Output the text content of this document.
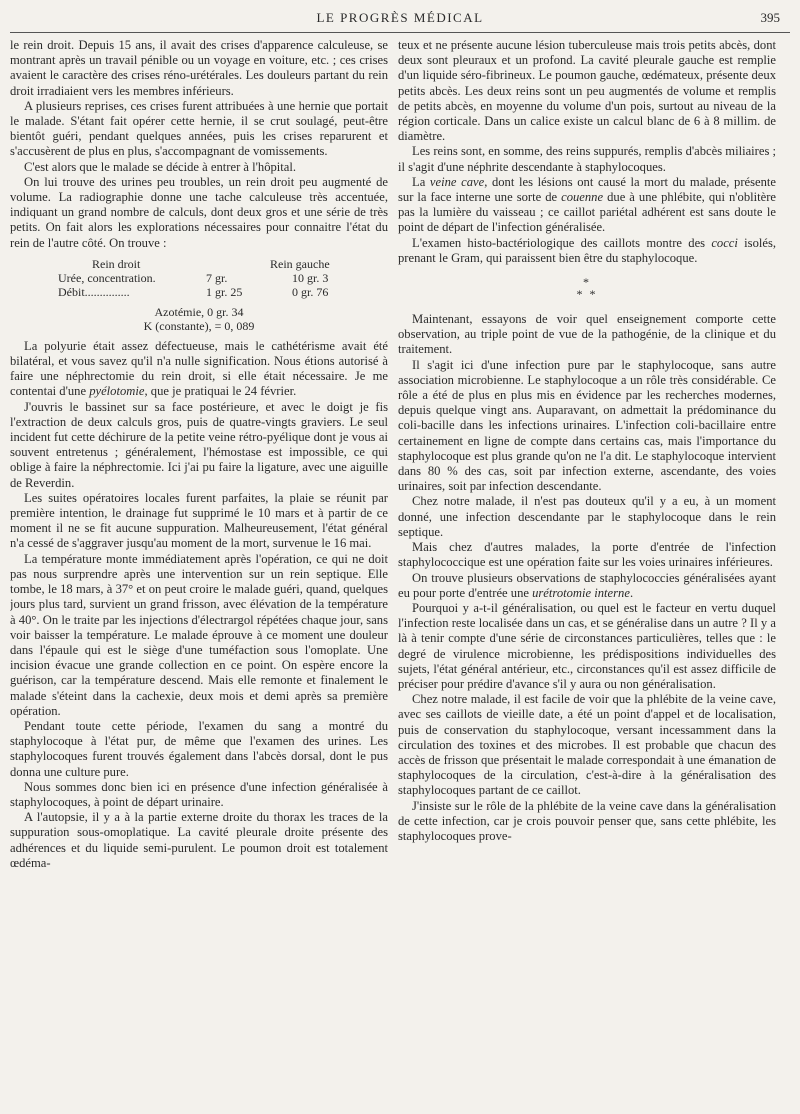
LE PROGRÈS MÉDICAL	395

le rein droit. Depuis 15 ans, il avait des crises d'apparence calculeuse, se montrant après un travail pénible ou un voyage en voiture, etc. ; ces crises avaient le caractère des crises réno-urétérales. Les douleurs partant du rein droit irradiaient vers les membres inférieurs.

A plusieurs reprises, ces crises furent attribuées à une hernie que portait le malade. S'étant fait opérer cette hernie, il se crut soulagé, peut-être bientôt guéri, pendant quelques années, puis les crises reparurent et s'accusèrent de plus en plus, s'accompagnant de vomissements.

C'est alors que le malade se décide à entrer à l'hôpital.

On lui trouve des urines peu troubles, un rein droit peu augmenté de volume. La radiographie donne une tache calculeuse très accentuée, indiquant un grand nombre de calculs, dont deux gros et une série de très petits. On fait alors les explorations nécessaires pour connaitre l'état du rein de l'autre côté. On trouve :

Rein droit	Rein gauche
Urée, concentration.	7 gr.	10 gr. 3
Débit...............	1 gr. 25	0 gr. 76
Azotémie, 0 gr. 34
K (constante), = 0, 089

La polyurie était assez défectueuse, mais le cathétérisme avait été bilatéral, et vous savez qu'il n'a nulle signification. Nous étions autorisé à faire une néphrectomie du rein droit, si elle était nécessaire. Je me contentai d'une pyélotomie, que je pratiquai le 24 février.

J'ouvris le bassinet sur sa face postérieure, et avec le doigt je fis l'extraction de deux calculs gros, puis de quatre-vingts graviers. Le seul incident fut cette déchirure de la petite veine rétro-pyélique dont je vous ai souvent entretenus ; généralement, l'hémostase est impossible, ce qui oblige à faire la néphrectomie. Ici j'ai pu faire la ligature, avec une aiguille de Reverdin.

Les suites opératoires locales furent parfaites, la plaie se réunit par première intention, le drainage fut supprimé le 10 mars et à partir de ce moment il ne se fit aucune suppuration. Malheureusement, l'état général n'a cessé de s'aggraver jusqu'au moment de la mort, survenue le 16 mai.

La température monte immédiatement après l'opération, ce qui ne doit pas nous surprendre après une intervention sur un rein septique. Elle tombe, le 18 mars, à 37° et on peut croire le malade guéri, quand, quelques jours plus tard, survient un grand frisson, avec élévation de la température à 40°. On le traite par les injections d'électrargol répétées chaque jour, sans voir baisser la température. Le malade éprouve à ce moment une douleur dans l'épaule qui est le siège d'une tuméfaction sous l'omoplate. Une incision évacue une grande collection en ce point. On espère encore la guérison, car la température descend. Mais elle remonte et finalement le malade s'éteint dans la cachexie, deux mois et demi après sa première opération.

Pendant toute cette période, l'examen du sang a montré du staphylocoque à l'état pur, de même que l'examen des urines. Les staphylocoques furent trouvés également dans l'abcès dorsal, dont le pus donna une culture pure.

Nous sommes donc bien ici en présence d'une infection généralisée à staphylocoques, à point de départ urinaire.

A l'autopsie, il y a à la partie externe droite du thorax les traces de la suppuration sous-omoplatique. La cavité pleurale droite présente des adhérences et du liquide semi-purulent. Le poumon droit est totalement œdéma-

teux et ne présente aucune lésion tuberculeuse mais trois petits abcès, dont deux sont pleuraux et un profond. La cavité pleurale gauche est remplie d'un liquide séro-fibrineux. Le poumon gauche, œdémateux, présente deux petits abcès. Les deux reins sont un peu augmentés de volume et remplis de petits abcès, en moyenne du volume d'un pois, surtout au niveau de la région corticale. Dans un calice existe un calcul blanc de 6 à 8 millim. de diamètre.

Les reins sont, en somme, des reins suppurés, remplis d'abcès miliaires ; il s'agit d'une néphrite descendante à staphylocoques.

La veine cave, dont les lésions ont causé la mort du malade, présente sur la face interne une sorte de couenne due à une phlébite, qui n'oblitère pas la lumière du vaisseau ; ce caillot pariétal adhérent est sans doute le point de départ de l'infection généralisée.

L'examen histo-bactériologique des caillots montre des cocci isolés, prenant le Gram, qui paraissent bien être du staphylocoque.

*
* *

Maintenant, essayons de voir quel enseignement comporte cette observation, au triple point de vue de la pathogénie, de la clinique et du traitement.

Il s'agit ici d'une infection pure par le staphylocoque, sans autre association microbienne. Le staphylocoque a un rôle très considérable. Ce rôle a été de plus en plus mis en évidence par les recherches modernes, depuis quelque vingt ans. Auparavant, on admettait la prédominance du coli-bacille dans les infections urinaires. L'infection coli-bacillaire entre certainement en ligne de compte dans certains cas, mais l'importance du staphylocoque est plus grande qu'on ne l'a dit. Le staphylocoque intervient dans 80 % des cas, soit par infection externe, ascendante, des voies urinaires, soit par infection descendante.

Chez notre malade, il n'est pas douteux qu'il y a eu, à un moment donné, une infection descendante par le staphylocoque dans le rein septique.

Mais chez d'autres malades, la porte d'entrée de l'infection staphylococcique est une opération faite sur les voies urinaires inférieures.

On trouve plusieurs observations de staphylococcies généralisées ayant eu pour porte d'entrée une urétrotomie interne.

Pourquoi y a-t-il généralisation, ou quel est le facteur en vertu duquel l'infection reste localisée dans un cas, et se généralise dans un autre ? Il y a là à tenir compte d'une série de circonstances particulières, telles que : le degré de virulence microbienne, les prédispositions individuelles des sujets, l'état général antérieur, etc., circonstances qu'il est assez difficile de préciser pour prédire d'avance s'il y aura ou non généralisation.

Chez notre malade, il est facile de voir que la phlébite de la veine cave, avec ses caillots de vieille date, a été un point d'appel et de localisation, puis de conservation du staphylocoque, versant incessamment dans la circulation des toxines et des microbes. Il est probable que chacun des accès de frisson que présentait le malade correspondait à une émanation de staphylocoques de la circulation, c'est-à-dire à la généralisation des staphylocoques partant de ce caillot.

J'insiste sur le rôle de la phlébite de la veine cave dans la généralisation de cette infection, car je crois pouvoir penser que, sans cette phlébite, les staphylocoques prove-
